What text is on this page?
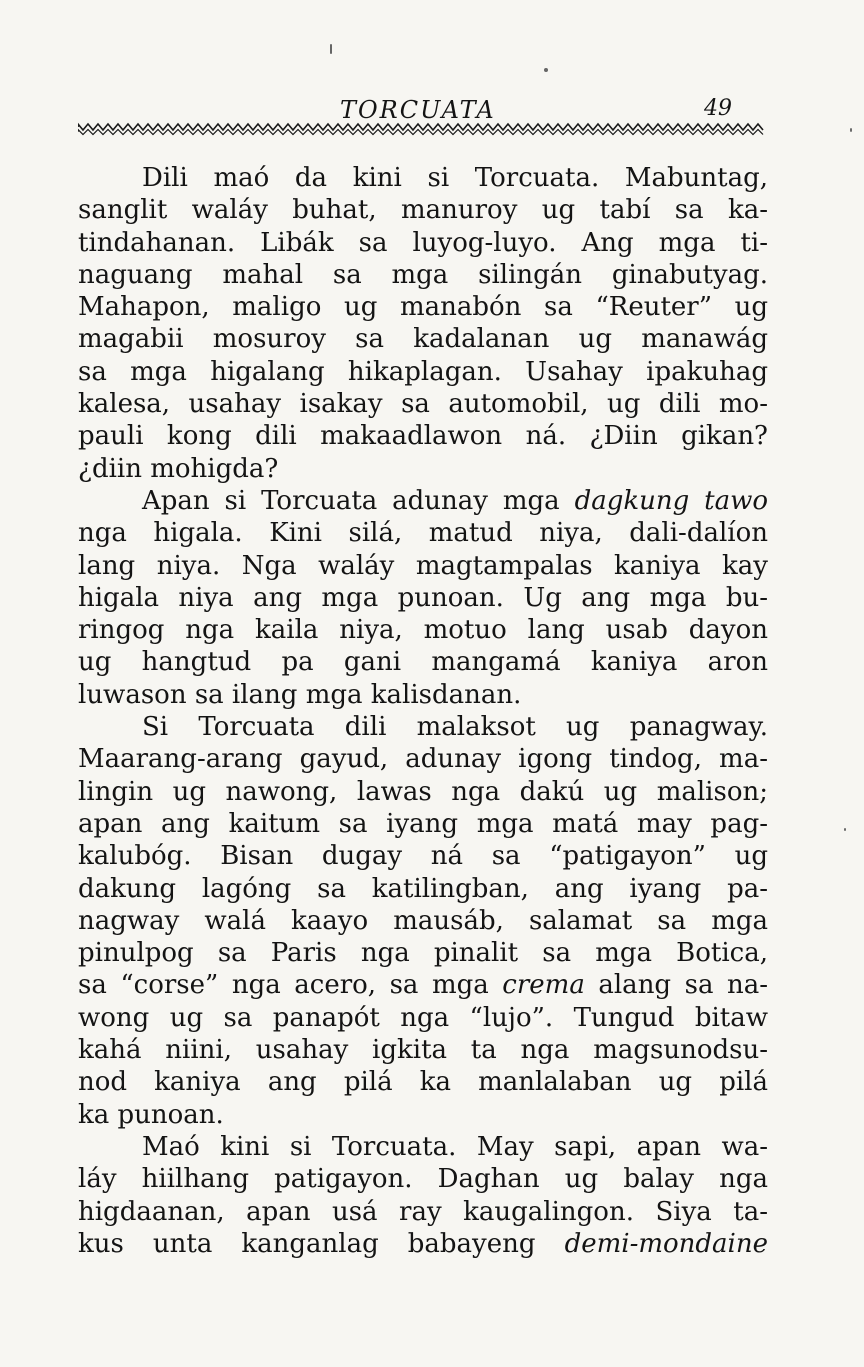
TORCUATA	49
Dili maó da kini si Torcuata. Mabuntag,
sanglit waláy buhat, manuroy ug tabí sa ka-
tindahanan. Libák sa luyog-luyo. Ang mga ti-
naguang mahal sa mga silingán ginabutyag.
Mahapon, maligo ug manabón sa “Reuter” ug
magabii mosuroy sa kadalanan ug manawág
sa mga higalang hikaplagan. Usahay ipakuhag
kalesa, usahay isakay sa automobil, ug dili mo-
pauli kong dili makaadlawon ná. ¿Diin gikan?
¿diin mohigda?
Apan si Torcuata adunay mga dagkung tawo
nga higala. Kini silá, matud niya, dali-dalíon
lang niya. Nga waláy magtampalas kaniya kay
higala niya ang mga punoan. Ug ang mga bu-
ringog nga kaila niya, motuo lang usab dayon
ug hangtud pa gani mangamá kaniya aron
luwason sa ilang mga kalisdanan.
Si Torcuata dili malaksot ug panagway.
Maarang-arang gayud, adunay igong tindog, ma-
lingin ug nawong, lawas nga dakú ug malison;
apan ang kaitum sa iyang mga matá may pag-
kalubóg. Bisan dugay ná sa “patigayon” ug
dakung lagóng sa katilingban, ang iyang pa-
nagway walá kaayo mausáb, salamat sa mga
pinulpog sa Paris nga pinalit sa mga Botica,
sa “corse” nga acero, sa mga crema alang sa na-
wong ug sa panapót nga “lujo”. Tungud bitaw
kahá niini, usahay igkita ta nga magsunodsu-
nod kaniya ang pilá ka manlalaban ug pilá
ka punoan.
Maó kini si Torcuata. May sapi, apan wa-
láy hiilhang patigayon. Daghan ug balay nga
higdaanan, apan usá ray kaugalingon. Siya ta-
kus unta kanganlag babayeng demi-mondaine
